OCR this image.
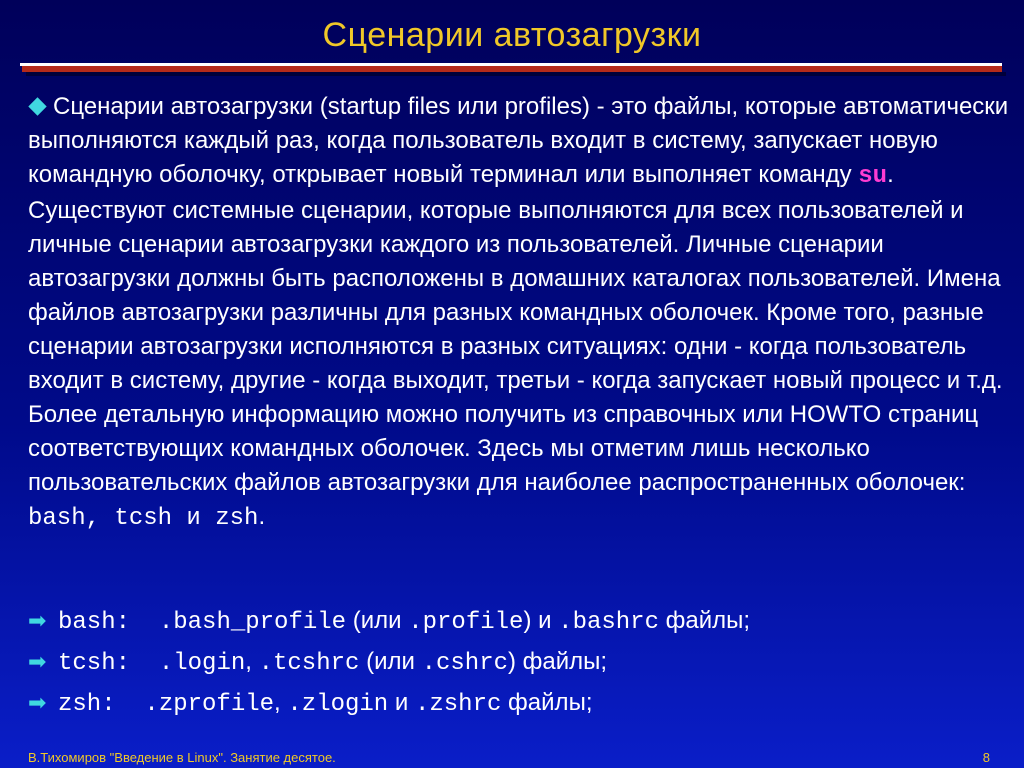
Сценарии автозагрузки

Сценарии автозагрузки (startup files или profiles) - это файлы, которые автоматически выполняются каждый раз, когда пользователь входит в систему, запускает новую командную оболочку, открывает новый терминал или выполняет команду su. Существуют системные сценарии, которые выполняются для всех пользователей и личные сценарии автозагрузки каждого из пользователей. Личные сценарии автозагрузки должны быть расположены в домашних каталогах пользователей. Имена файлов автозагрузки различны для разных командных оболочек. Кроме того, разные сценарии автозагрузки исполняются в разных ситуациях: одни - когда пользователь входит в систему, другие - когда выходит, третьи - когда запускает новый процесс и т.д. Более детальную информацию можно получить из справочных или HOWTO страниц соответствующих командных оболочек. Здесь мы отметим лишь несколько пользовательских файлов автозагрузки для наиболее распространенных оболочек: bash, tcsh и zsh.

➡ bash: .bash_profile (или .profile) и .bashrc файлы;
➡ tcsh: .login, .tcshrc (или .cshrc) файлы;
➡ zsh: .zprofile, .zlogin и .zshrc файлы;
В.Тихомиров "Введение в Linux". Занятие десятое.	8
